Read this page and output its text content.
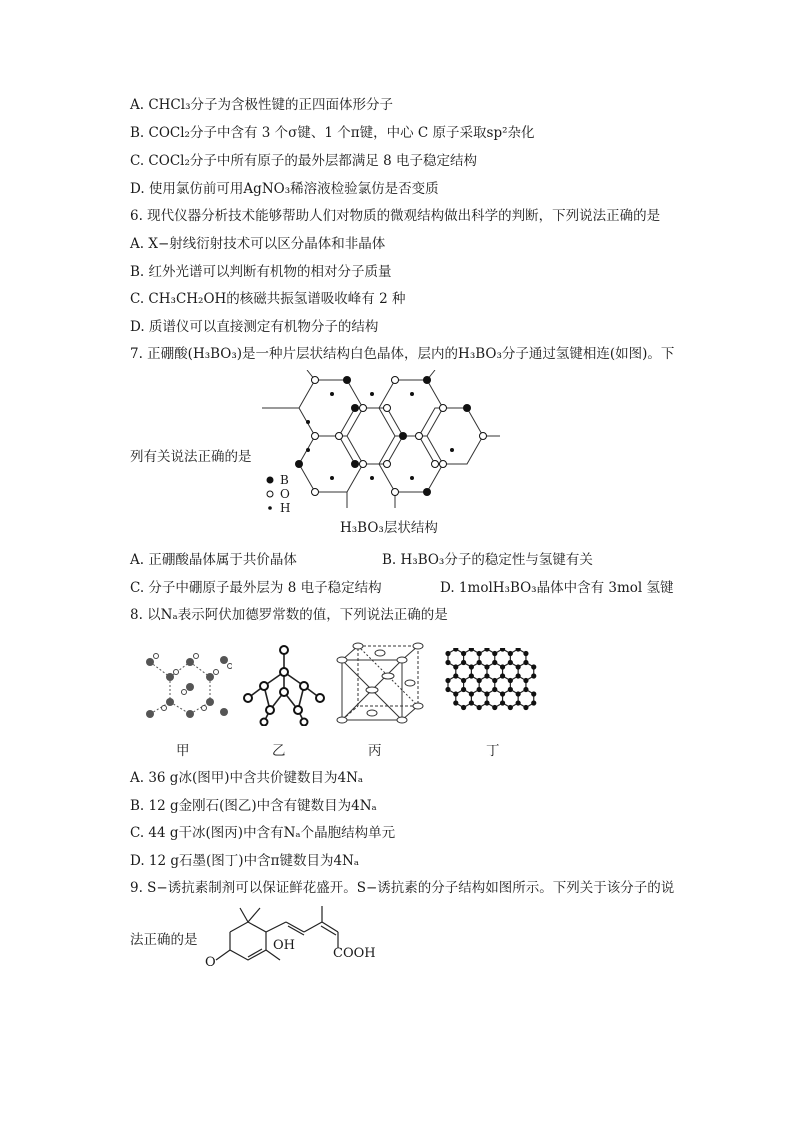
A. CHCl₃分子为含极性键的正四面体形分子
B. COCl₂分子中含有 3 个σ键、1 个π键，中心 C 原子采取sp²杂化
C. COCl₂分子中所有原子的最外层都满足 8 电子稳定结构
D. 使用氯仿前可用AgNO₃稀溶液检验氯仿是否变质
6. 现代仪器分析技术能够帮助人们对物质的微观结构做出科学的判断，下列说法正确的是
A. X−射线衍射技术可以区分晶体和非晶体
B. 红外光谱可以判断有机物的相对分子质量
C. CH₃CH₂OH的核磁共振氢谱吸收峰有 2 种
D. 质谱仪可以直接测定有机物分子的结构
7. 正硼酸(H₃BO₃)是一种片层状结构白色晶体，层内的H₃BO₃分子通过氢键相连(如图)。下
列有关说法正确的是
B
O
H
H₃BO₃层状结构
A. 正硼酸晶体属于共价晶体	B. H₃BO₃分子的稳定性与氢键有关
C. 分子中硼原子最外层为 8 电子稳定结构	D. 1molH₃BO₃晶体中含有 3mol 氢键
8. 以Nₐ表示阿伏加德罗常数的值，下列说法正确的是
甲	乙	丙	丁
A. 36 g冰(图甲)中含共价键数目为4Nₐ
B. 12 g金刚石(图乙)中含有键数目为4Nₐ
C. 44 g干冰(图丙)中含有Nₐ个晶胞结构单元
D. 12 g石墨(图丁)中含π键数目为4Nₐ
9. S−诱抗素制剂可以保证鲜花盛开。S−诱抗素的分子结构如图所示。下列关于该分子的说
法正确的是	OH
O
COOH
